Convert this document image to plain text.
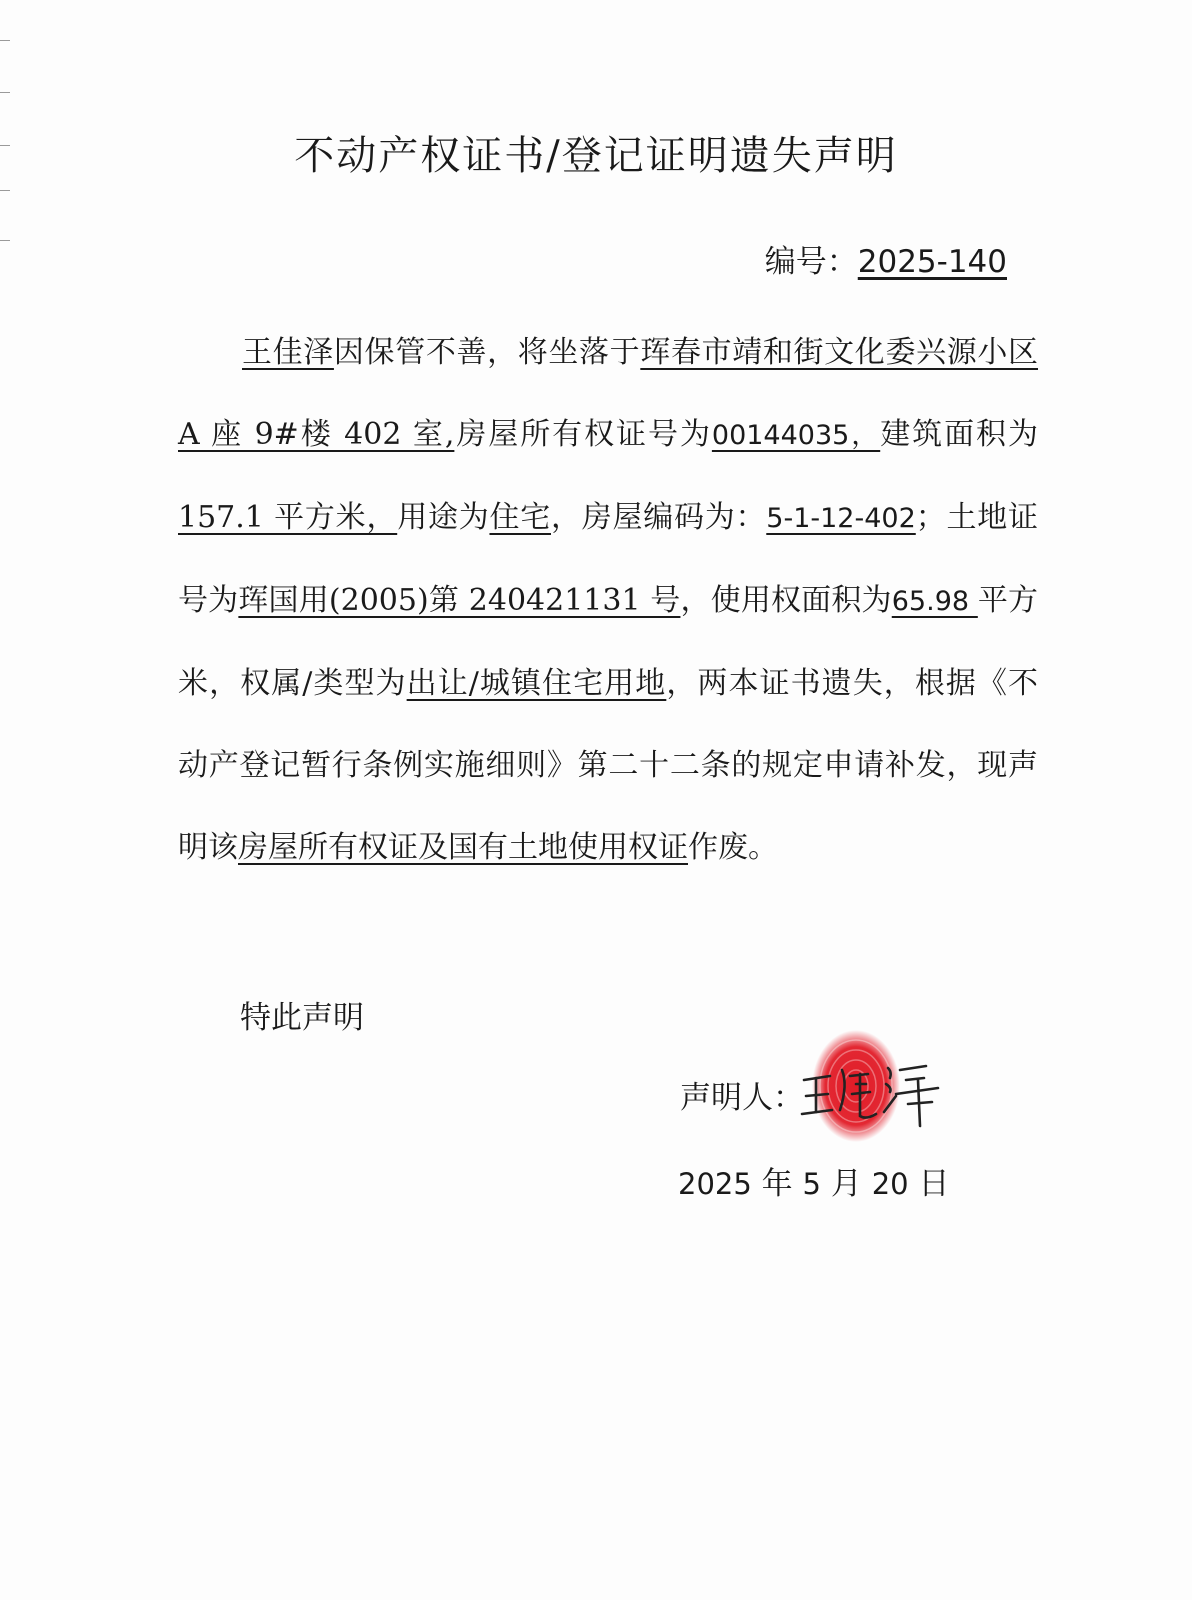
不动产权证书/登记证明遗失声明
编号：2025-140

王佳泽因保管不善，将坐落于珲春市靖和街文化委兴源小区 A 座 9#楼 402 室,房屋所有权证号为00144035，建筑面积为157.1 平方米，用途为住宅，房屋编码为：5-1-12-402；土地证号为珲国用(2005)第 240421131 号，使用权面积为65.98 平方米，权属/类型为出让/城镇住宅用地，两本证书遗失，根据《不动产登记暂行条例实施细则》第二十二条的规定申请补发，现声明该房屋所有权证及国有土地使用权证作废。

特此声明

声明人：
2025 年 5 月 20 日
